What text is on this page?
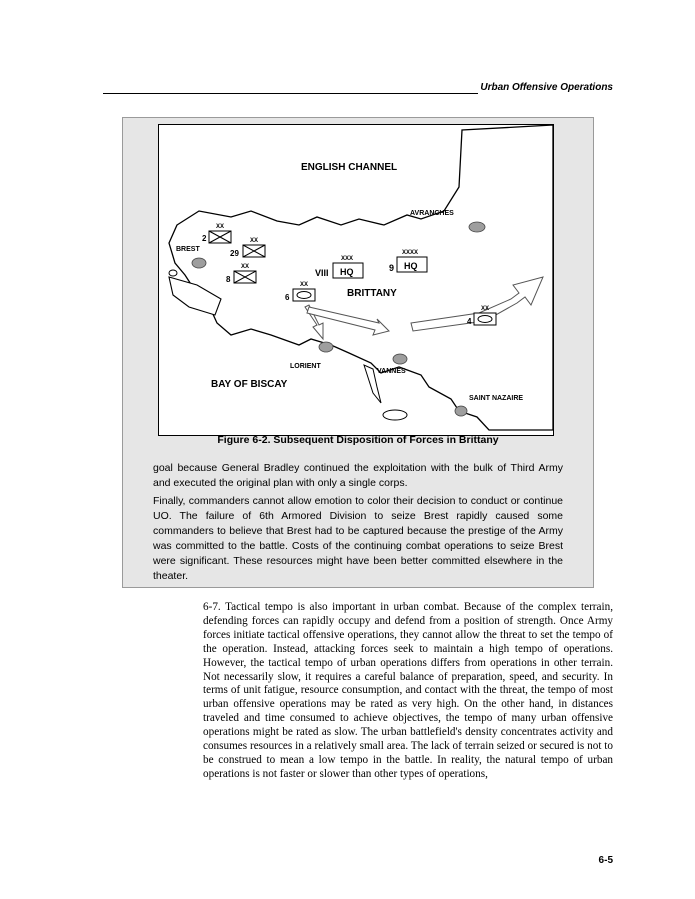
Urban Offensive Operations
ENGLISH CHANNEL
BAY OF BISCAY
BRITTANY
BREST
AVRANCHES
LORIENT
VANNES
SAINT NAZAIRE
2
XX
29
XX
8
XX
6
XX
4
XX
VIII
XXX
HQ	9
XXXX
HQ
Figure 6-2. Subsequent Disposition of Forces in Brittany

goal because General Bradley continued the exploitation with the bulk of Third Army and executed the original plan with only a single corps.

Finally, commanders cannot allow emotion to color their decision to conduct or continue UO. The failure of 6th Armored Division to seize Brest rapidly caused some commanders to believe that Brest had to be captured because the prestige of the Army was committed to the battle. Costs of the continuing combat operations to seize Brest were significant. These resources might have been better committed elsewhere in the theater.

6-7. Tactical tempo is also important in urban combat. Because of the complex terrain, defending forces can rapidly occupy and defend from a position of strength. Once Army forces initiate tactical offensive operations, they cannot allow the threat to set the tempo of the operation. Instead, attacking forces seek to maintain a high tempo of operations. However, the tactical tempo of urban operations differs from operations in other terrain. Not necessarily slow, it requires a careful balance of preparation, speed, and security. In terms of unit fatigue, resource consumption, and contact with the threat, the tempo of most urban offensive operations may be rated as very high. On the other hand, in distances traveled and time consumed to achieve objectives, the tempo of many urban offensive operations might be rated as slow. The urban battlefield's density concentrates activity and consumes resources in a relatively small area. The lack of terrain seized or secured is not to be construed to mean a low tempo in the battle. In reality, the natural tempo of urban operations is not faster or slower than other types of operations,

6-5
